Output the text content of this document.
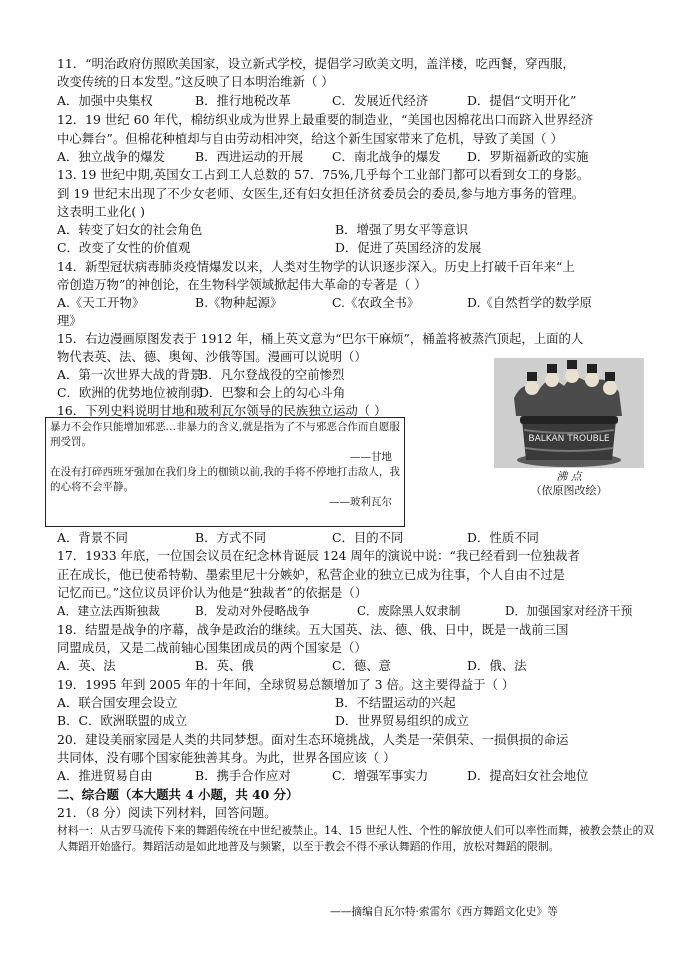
11．“明治政府仿照欧美国家，设立新式学校，提倡学习欧美文明，盖洋楼，吃西餐，穿西服，
改变传统的日本发型。”这反映了日本明治维新（ ）
A．加强中央集权	B．推行地税改革	C．发展近代经济	D．提倡“文明开化”
12．19 世纪 60 年代，棉纺织业成为世界上最重要的制造业，“美国也因棉花出口而跻入世界经济
中心舞台”。但棉花种植却与自由劳动相冲突，给这个新生国家带来了危机，导致了美国（ ）
A．独立战争的爆发 B．西进运动的开展 C．南北战争的爆发 D．罗斯福新政的实施
13. 19 世纪中期,英国女工占到工人总数的 57．75%,几乎每个工业部门都可以看到女工的身影。
到 19 世纪末出现了不少女老师、女医生,还有妇女担任济贫委员会的委员,参与地方事务的管理。
这表明工业化( )
A．转变了妇女的社会角色	B．增强了男女平等意识
C．改变了女性的价值观	D．促进了英国经济的发展
14．新型冠状病毒肺炎疫情爆发以来，人类对生物学的认识逐步深入。历史上打破千百年来“上
帝创造万物”的神创论，在生物科学领域掀起伟大革命的专著是（ ）
A.《天工开物》	B.《物种起源》	C.《农政全书》	D.《自然哲学的数学原
理》
15．右边漫画原图发表于 1912 年，桶上英文意为“巴尔干麻烦”，桶盖将被蒸汽顶起，上面的人
物代表英、法、德、奥匈、沙俄等国。漫画可以说明（）
A．第一次世界大战的背景
B．凡尔登战役的空前惨烈
C．欧洲的优势地位被削弱
D．巴黎和会上的勾心斗角
BALKAN TROUBLE
沸 点
（依原图改绘）
16．下列史料说明甘地和玻利瓦尔领导的民族独立运动（ ）
暴力不会作只能增加邪恶…非暴力的含义,就是指为了不与邪恶合作而自愿服刑受罚。
——甘地
在没有打碎西班牙强加在我们身上的枷锁以前,我的手将不停地打击敌人，我的心将不会平静。
——玻利瓦尔
A．背景不同	B．方式不同	C．目的不同	D．性质不同
17．1933 年底，一位国会议员在纪念林肯诞辰 124 周年的演说中说：“我已经看到一位独裁者
正在成长，他已使希特勒、墨索里尼十分嫉妒，私营企业的独立已成为往事，个人自由不过是
记忆而已。”这位议员评价认为他是“独裁者”的依据是（）
A．建立法西斯独裁	B．发动对外侵略战争	C．废除黑人奴隶制	D．加强国家对经济干预
18．结盟是战争的序幕，战争是政治的继续。五大国英、法、德、俄、日中，既是一战前三国
同盟成员，又是二战前轴心国集团成员的两个国家是（）
A．英、法	B．英、俄	C．德、意	D．俄、法
19．1995 年到 2005 年的十年间，全球贸易总额增加了 3 倍。这主要得益于（ ）
A．联合国安理会设立	B．不结盟运动的兴起
B．C．欧洲联盟的成立	D．世界贸易组织的成立
20．建设美丽家园是人类的共同梦想。面对生态环境挑战，人类是一荣俱荣、一损俱损的命运
共同体，没有哪个国家能独善其身。为此，世界各国应该（ ）
A．推进贸易自由	B．携手合作应对	C．增强军事实力	D．提高妇女社会地位
二、综合题（本大题共 4 小题，共 40 分）
21．（8 分）阅读下列材料，回答问题。
材料一：从古罗马流传下来的舞蹈传统在中世纪被禁止。14、15 世纪人性、个性的解放使人们可以率性而舞，被教会禁止的双人舞蹈开始盛行。舞蹈活动是如此地普及与频繁，以至于教会不得不承认舞蹈的作用，放松对舞蹈的限制。
——摘编自瓦尔特·索雷尔《西方舞蹈文化史》等
